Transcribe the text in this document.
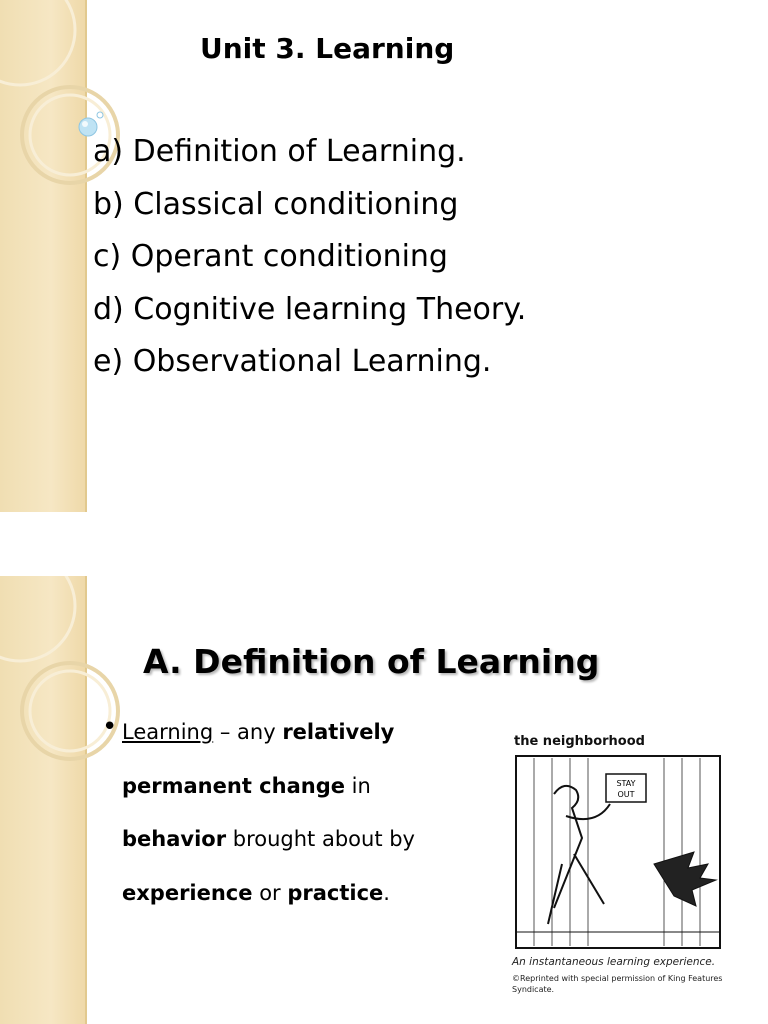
Unit 3. Learning
a) Definition of Learning.
b) Classical conditioning
c) Operant conditioning
d) Cognitive learning Theory.
e) Observational Learning.
A. Definition of Learning
• Learning – any relatively
permanent change in
behavior brought about by
experience or practice.
the neighborhood
STAY
OUT
An instantaneous learning experience.
©Reprinted with special permission of King Features Syndicate.
